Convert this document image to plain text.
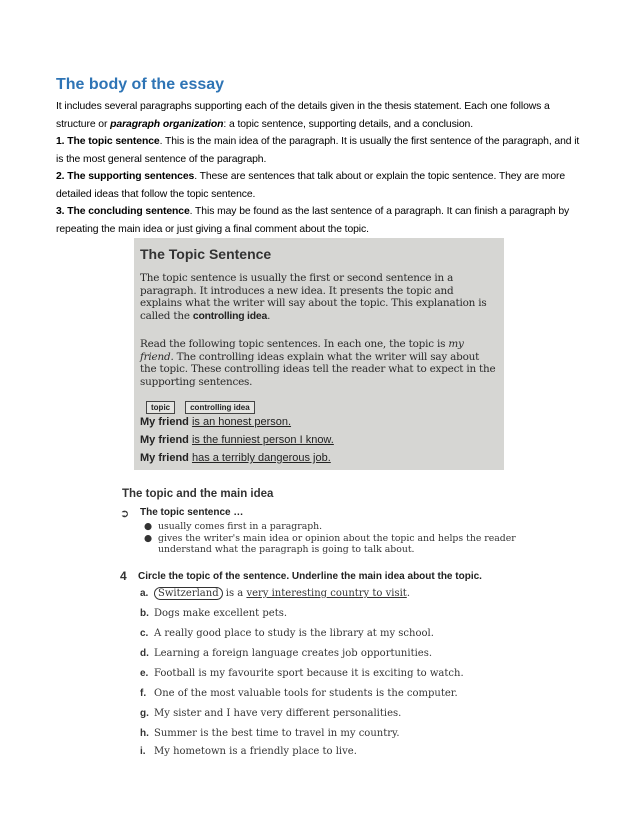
The body of the essay

It includes several paragraphs supporting each of the details given in the thesis statement. Each one follows a structure or paragraph organization: a topic sentence, supporting details, and a conclusion.

1. The topic sentence. This is the main idea of the paragraph. It is usually the first sentence of the paragraph, and it is the most general sentence of the paragraph.

2. The supporting sentences. These are sentences that talk about or explain the topic sentence. They are more detailed ideas that follow the topic sentence.

3. The concluding sentence. This may be found as the last sentence of a paragraph. It can finish a paragraph by repeating the main idea or just giving a final comment about the topic.

The Topic Sentence
The topic sentence is usually the first or second sentence in a paragraph. It introduces a new idea. It presents the topic and explains what the writer will say about the topic. This explanation is called the controlling idea.
Read the following topic sentences. In each one, the topic is my friend. The controlling ideas explain what the writer will say about the topic. These controlling ideas tell the reader what to expect in the supporting sentences.
topic	controlling idea
My friend is an honest person.
My friend is the funniest person I know.
My friend has a terribly dangerous job.
The topic and the main idea
➲ The topic sentence …
● usually comes first in a paragraph.
● gives the writer's main idea or opinion about the topic and helps the reader understand what the paragraph is going to talk about.
4 Circle the topic of the sentence. Underline the main idea about the topic.
a. Switzerland is a very interesting country to visit.
b. Dogs make excellent pets.
c. A really good place to study is the library at my school.
d. Learning a foreign language creates job opportunities.
e. Football is my favourite sport because it is exciting to watch.
f. One of the most valuable tools for students is the computer.
g. My sister and I have very different personalities.
h. Summer is the best time to travel in my country.
i. My hometown is a friendly place to live.
